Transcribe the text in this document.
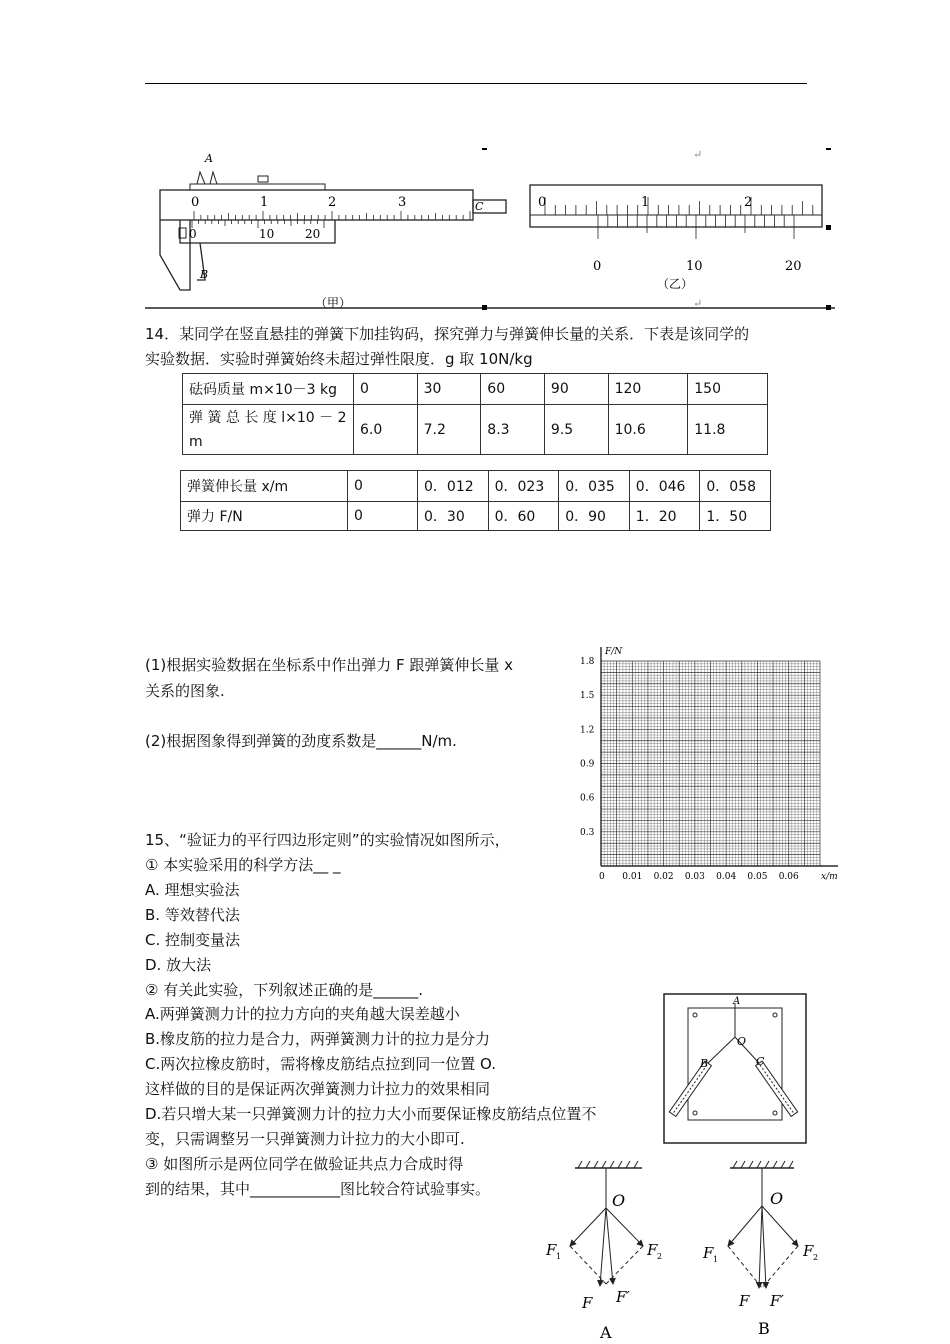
A
B
C
0	1	2	3
0	10	20
0	1	2
0	10	20
（乙）
（甲）
↵
↵
14．某同学在竖直悬挂的弹簧下加挂钩码，探究弹力与弹簧伸长量的关系．下表是该同学的
实验数据．实验时弹簧始终未超过弹性限度．g 取 10N/kg
砝码质量 m×10－3 kg	0	30	60	90	120	150
弹 簧 总 长 度 l×10 － 2
m	6.0	7.2	8.3	9.5	10.6	11.8
弹簧伸长量 x/m	0	0．012	0．023	0．035	0．046	0．058
弹力 F/N	0	0．30	0．60	0．90	1．20	1．50
(1)根据实验数据在坐标系中作出弹力 F 跟弹簧伸长量 x
关系的图象.
(2)根据图象得到弹簧的劲度系数是______N/m.
0 0.01 0.02 0.03 0.04 0.05 0.06
0.3
0.6
0.9
1.2
1.5
1.8
F/N
x/m
15、“验证力的平行四边形定则”的实验情况如图所示，
① 本实验采用的科学方法__ _
A. 理想实验法
B. 等效替代法
C. 控制变量法
D. 放大法
② 有关此实验，下列叙述正确的是______.
A.两弹簧测力计的拉力方向的夹角越大误差越小
B.橡皮筋的拉力是合力，两弹簧测力计的拉力是分力
C.两次拉橡皮筋时，需将橡皮筋结点拉到同一位置 O.
这样做的目的是保证两次弹簧测力计拉力的效果相同
D.若只增大某一只弹簧测力计的拉力大小而要保证橡皮筋结点位置不
变，只需调整另一只弹簧测力计拉力的大小即可.
③ 如图所示是两位同学在做验证共点力合成时得
到的结果，其中____________图比较合符试验事实。
A
O
B	C
O
F 1	F 2
F F′
A
O
F 1	F 2
F F′
B
